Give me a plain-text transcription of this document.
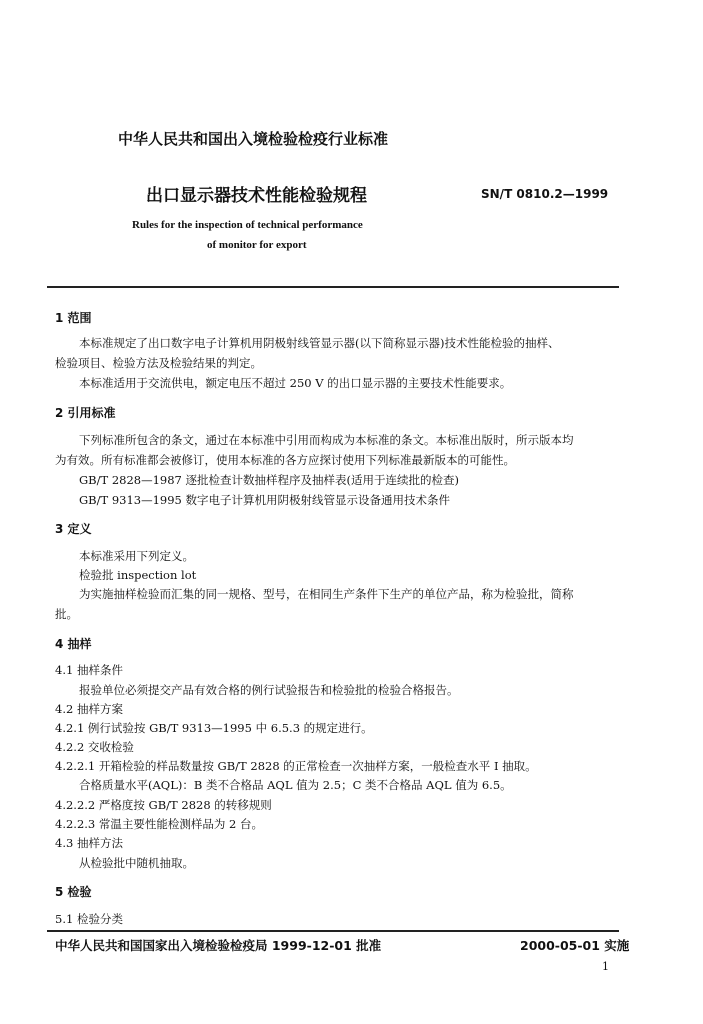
中华人民共和国出入境检验检疫行业标准
出口显示器技术性能检验规程	SN/T 0810.2—1999
Rules for the inspection of technical performance
of monitor for export
1 范围
本标准规定了出口数字电子计算机用阴极射线管显示器(以下简称显示器)技术性能检验的抽样、
检验项目、检验方法及检验结果的判定。
本标准适用于交流供电，额定电压不超过 250 V 的出口显示器的主要技术性能要求。
2 引用标准
下列标准所包含的条文，通过在本标准中引用而构成为本标准的条文。本标准出版时，所示版本均
为有效。所有标准都会被修订，使用本标准的各方应探讨使用下列标准最新版本的可能性。
GB/T 2828—1987 逐批检查计数抽样程序及抽样表(适用于连续批的检查)
GB/T 9313—1995 数字电子计算机用阴极射线管显示设备通用技术条件
3 定义
本标准采用下列定义。
检验批 inspection lot
为实施抽样检验而汇集的同一规格、型号，在相同生产条件下生产的单位产品，称为检验批，简称
批。
4 抽样
4.1 抽样条件
报验单位必须提交产品有效合格的例行试验报告和检验批的检验合格报告。
4.2 抽样方案
4.2.1 例行试验按 GB/T 9313—1995 中 6.5.3 的规定进行。
4.2.2 交收检验
4.2.2.1 开箱检验的样品数量按 GB/T 2828 的正常检查一次抽样方案，一般检查水平 I 抽取。
合格质量水平(AQL)：B 类不合格品 AQL 值为 2.5；C 类不合格品 AQL 值为 6.5。
4.2.2.2 严格度按 GB/T 2828 的转移规则
4.2.2.3 常温主要性能检测样品为 2 台。
4.3 抽样方法
从检验批中随机抽取。
5 检验
5.1 检验分类
中华人民共和国国家出入境检验检疫局 1999-12-01 批准	2000-05-01 实施
1
